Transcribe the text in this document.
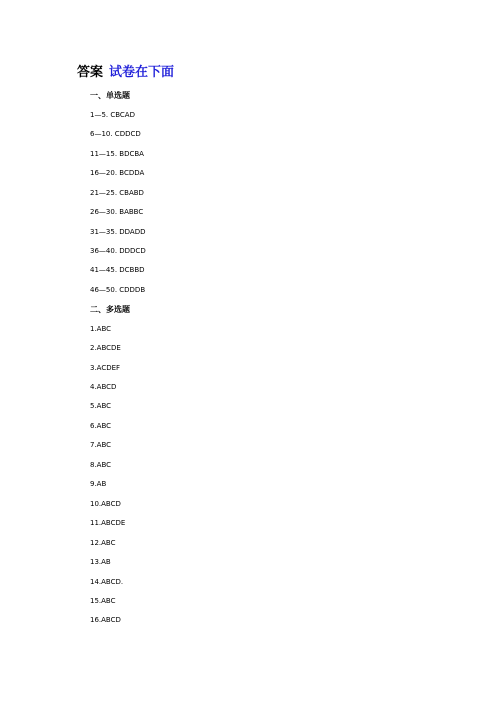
答案 试卷在下面
一、单选题
1—5. CBCAD
6—10. CDDCD
11—15. BDCBA
16—20. BCDDA
21—25. CBABD
26—30. BABBC
31—35. DDADD
36—40. DDDCD
41—45. DCBBD
46—50. CDDDB
二、多选题
1.ABC
2.ABCDE
3.ACDEF
4.ABCD
5.ABC
6.ABC
7.ABC
8.ABC
9.AB
10.ABCD
11.ABCDE
12.ABC
13.AB
14.ABCD.
15.ABC
16.ABCD
